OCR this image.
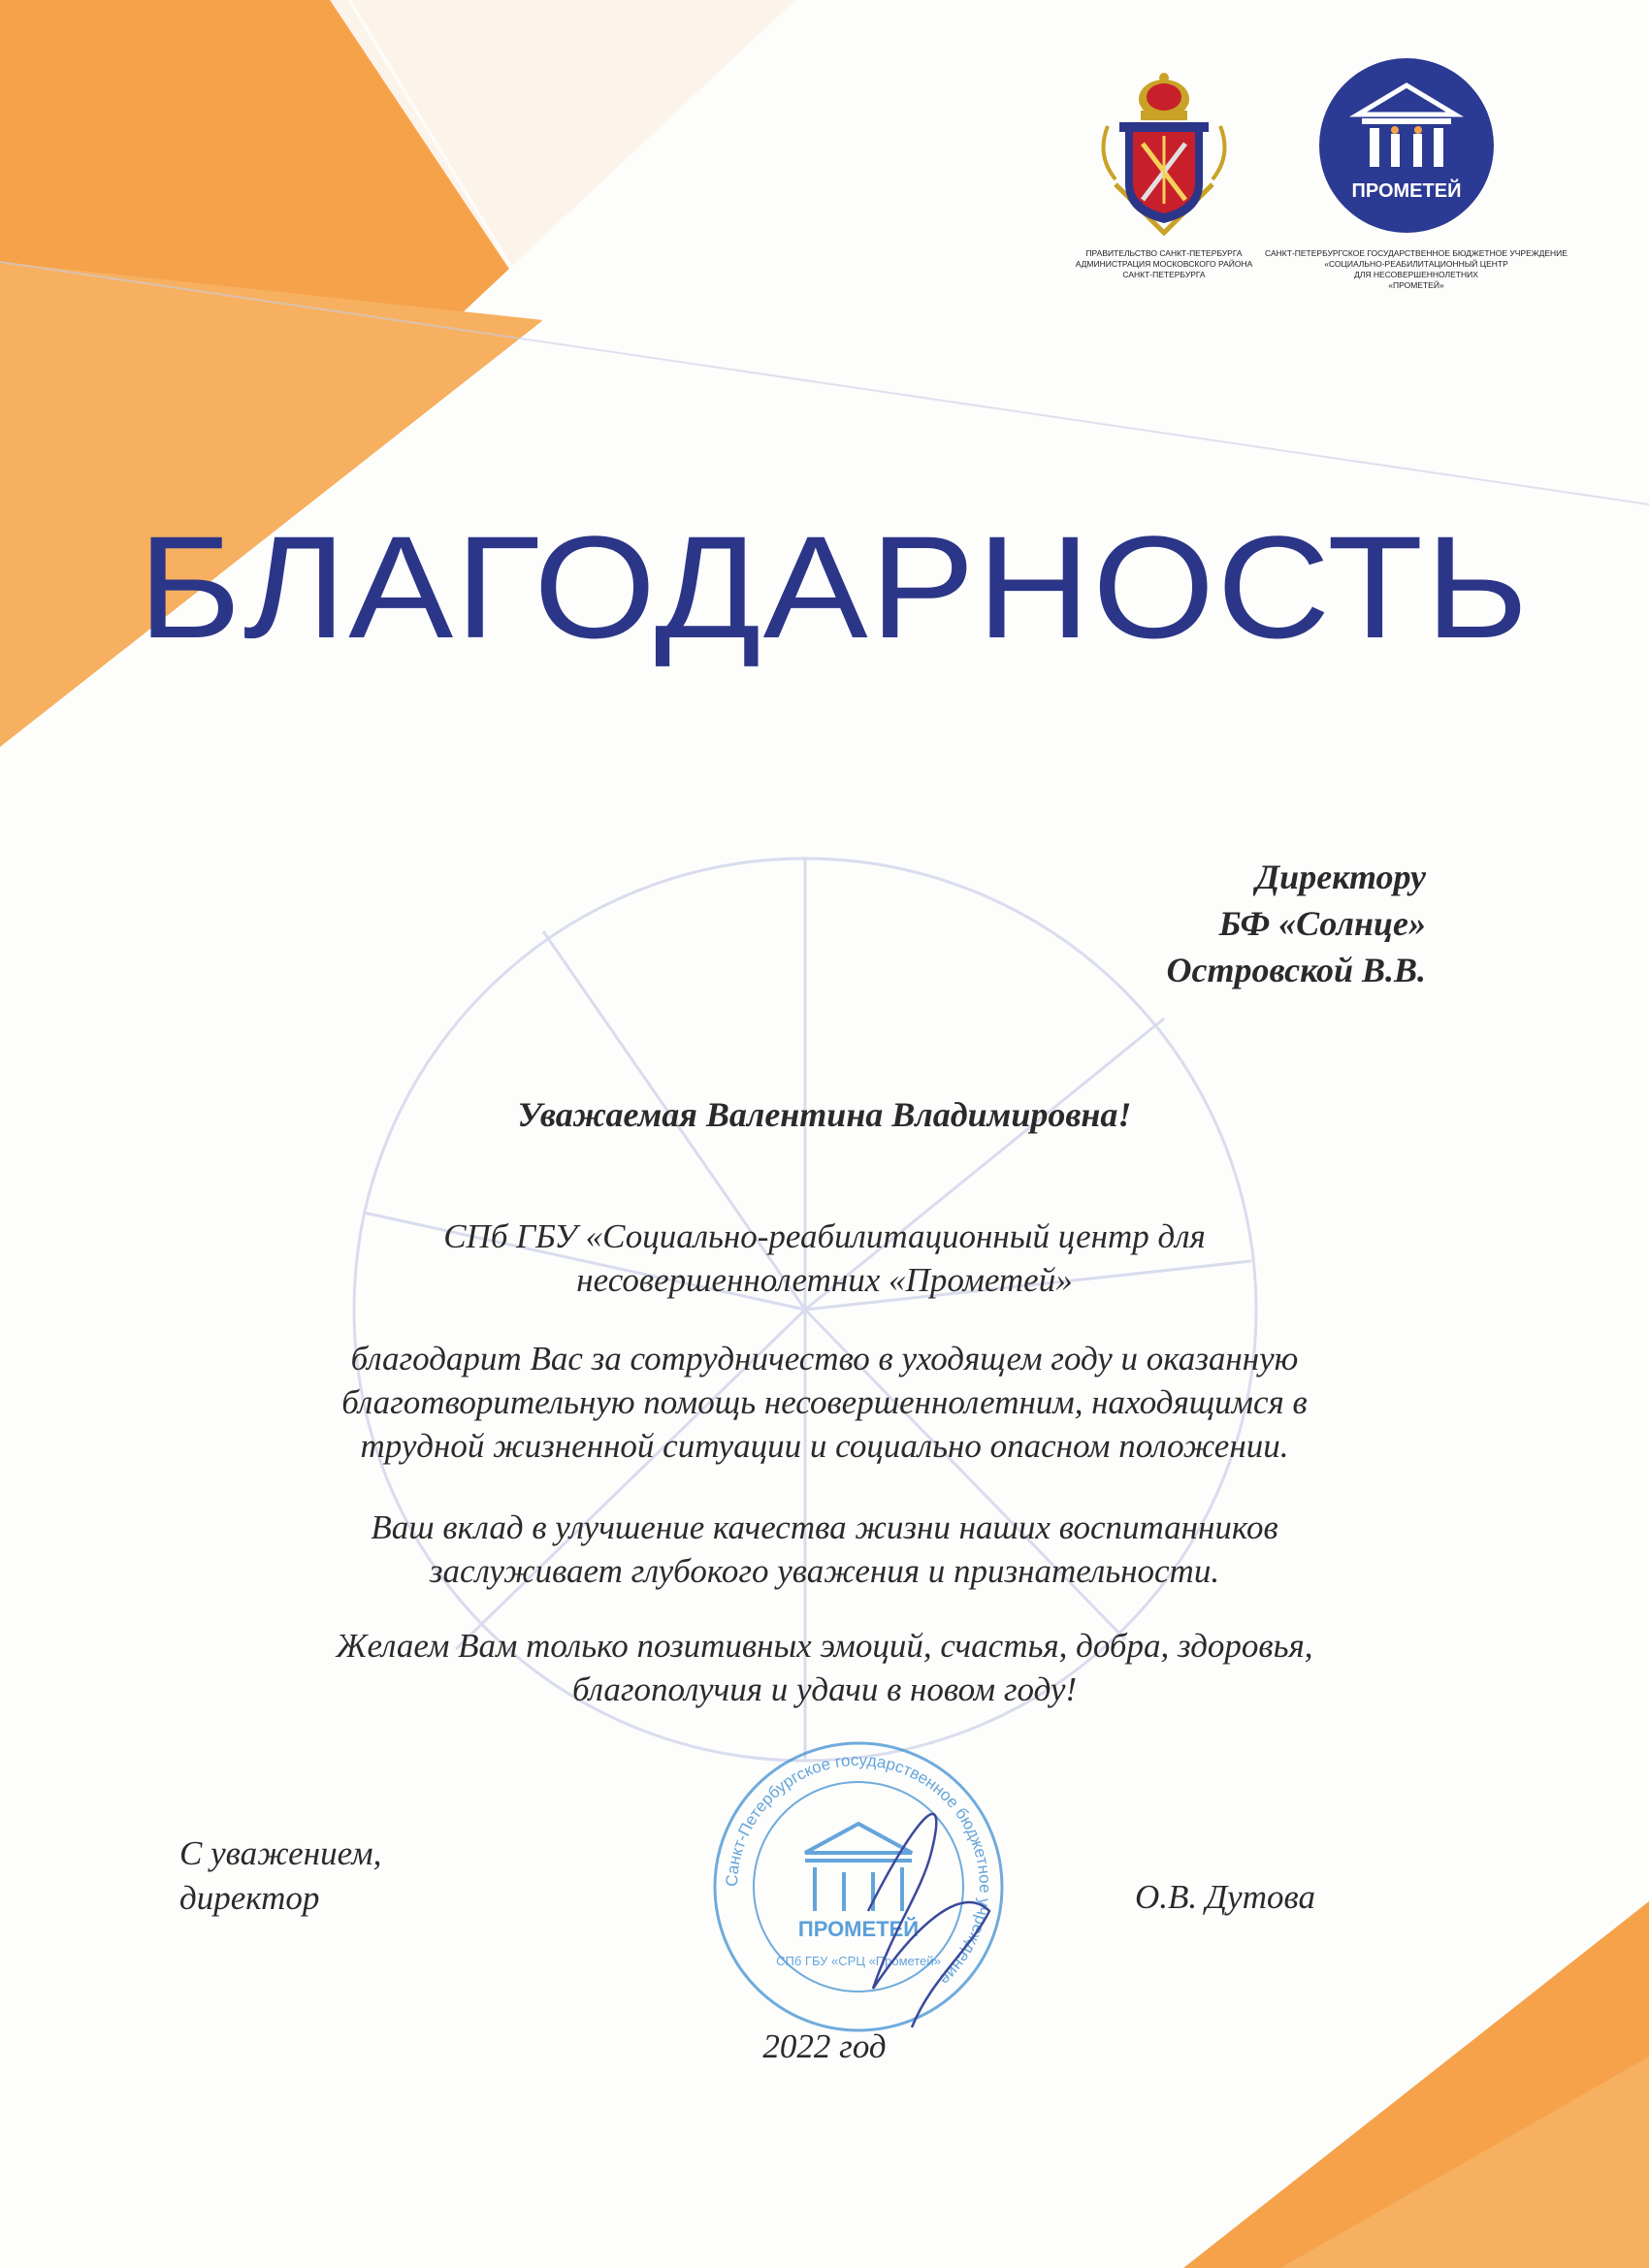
ПРАВИТЕЛЬСТВО САНКТ-ПЕТЕРБУРГА
АДМИНИСТРАЦИЯ МОСКОВСКОГО РАЙОНА
САНКТ-ПЕТЕРБУРГА
ПРОМЕТЕЙ
САНКТ-ПЕТЕРБУРГСКОЕ ГОСУДАРСТВЕННОЕ БЮДЖЕТНОЕ УЧРЕЖДЕНИЕ
«СОЦИАЛЬНО-РЕАБИЛИТАЦИОННЫЙ ЦЕНТР
ДЛЯ НЕСОВЕРШЕННОЛЕТНИХ
«ПРОМЕТЕЙ»
БЛАГОДАРНОСТЬ
Директору
БФ «Солнце»
Островской В.В.
Уважаемая Валентина Владимировна!
СПб ГБУ «Социально-реабилитационный центр для
несовершеннолетних «Прометей»
благодарит Вас за сотрудничество в уходящем году и оказанную
благотворительную помощь несовершеннолетним, находящимся в
трудной жизненной ситуации и социально опасном положении.
Ваш вклад в улучшение качества жизни наших воспитанников
заслуживает глубокого уважения и признательности.
Желаем Вам только позитивных эмоций, счастья, добра, здоровья,
благополучия и удачи в новом году!
С уважением,
директор	О.В. Дутова
Санкт-Петербургское государственное бюджетное учреждение
ПРОМЕТЕЙ
СПб ГБУ «СРЦ «Прометей»
2022 год
